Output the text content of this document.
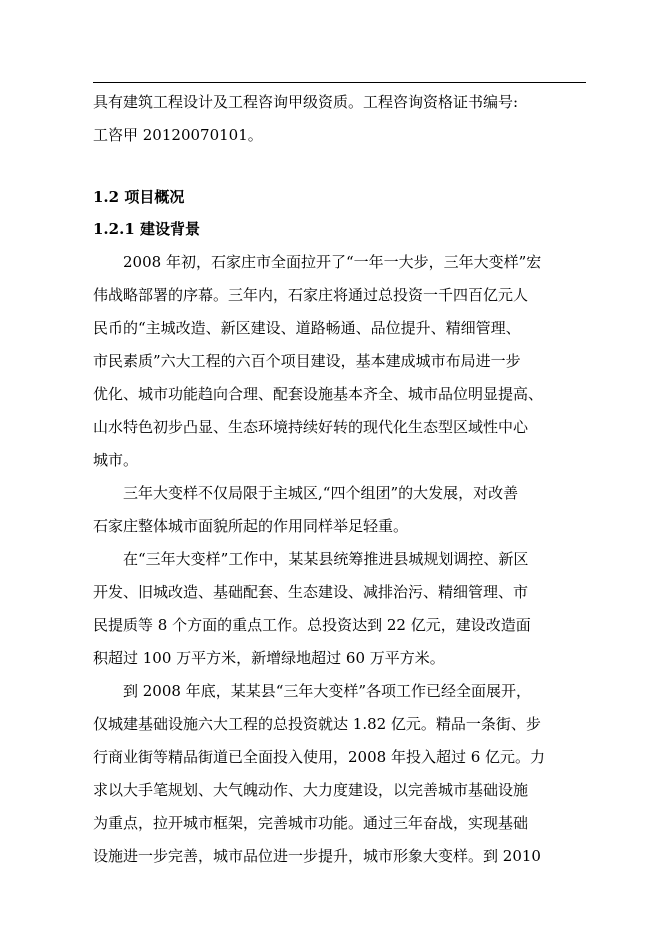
具有建筑工程设计及工程咨询甲级资质。工程咨询资格证书编号:
工咨甲 20120070101。
1.2 项目概况
1.2.1 建设背景
2008 年初，石家庄市全面拉开了“一年一大步，三年大变样”宏
伟战略部署的序幕。三年内，石家庄将通过总投资一千四百亿元人
民币的“主城改造、新区建设、道路畅通、品位提升、精细管理、
市民素质”六大工程的六百个项目建设，基本建成城市布局进一步
优化、城市功能趋向合理、配套设施基本齐全、城市品位明显提高、
山水特色初步凸显、生态环境持续好转的现代化生态型区域性中心
城市。
三年大变样不仅局限于主城区,“四个组团”的大发展，对改善
石家庄整体城市面貌所起的作用同样举足轻重。
在“三年大变样”工作中，某某县统筹推进县城规划调控、新区
开发、旧城改造、基础配套、生态建设、减排治污、精细管理、市
民提质等 8 个方面的重点工作。总投资达到 22 亿元，建设改造面
积超过 100 万平方米，新增绿地超过 60 万平方米。
到 2008 年底，某某县“三年大变样”各项工作已经全面展开，
仅城建基础设施六大工程的总投资就达 1.82 亿元。精品一条街、步
行商业街等精品街道已全面投入使用，2008 年投入超过 6 亿元。力
求以大手笔规划、大气魄动作、大力度建设，以完善城市基础设施
为重点，拉开城市框架，完善城市功能。通过三年奋战，实现基础
设施进一步完善，城市品位进一步提升，城市形象大变样。到 2010
